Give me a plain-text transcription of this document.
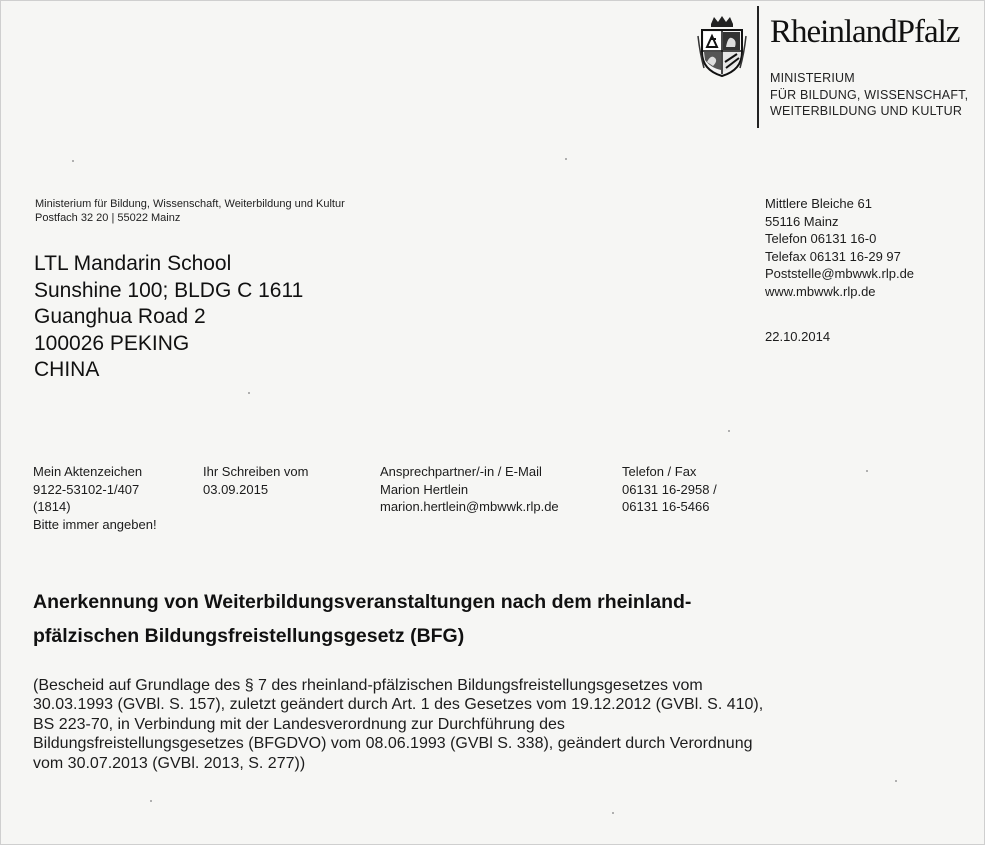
RheinlandPfalz
MINISTERIUM
FÜR BILDUNG, WISSENSCHAFT,
WEITERBILDUNG UND KULTUR
Ministerium für Bildung, Wissenschaft, Weiterbildung und Kultur
Postfach 32 20 | 55022 Mainz
LTL Mandarin School
Sunshine 100; BLDG C 1611
Guanghua Road 2
100026 PEKING
CHINA
Mittlere Bleiche 61
55116 Mainz
Telefon 06131 16-0
Telefax 06131 16-29 97
Poststelle@mbwwk.rlp.de
www.mbwwk.rlp.de
22.10.2014
Mein Aktenzeichen
9122-53102-1/407
(1814)
Bitte immer angeben!
Ihr Schreiben vom
03.09.2015
Ansprechpartner/-in / E-Mail
Marion Hertlein
marion.hertlein@mbwwk.rlp.de
Telefon / Fax
06131 16-2958 /
06131 16-5466
Anerkennung von Weiterbildungsveranstaltungen nach dem rheinland-
pfälzischen Bildungsfreistellungsgesetz (BFG)
(Bescheid auf Grundlage des § 7 des rheinland-pfälzischen Bildungsfreistellungsgesetzes vom
30.03.1993 (GVBl. S. 157), zuletzt geändert durch Art. 1 des Gesetzes vom 19.12.2012 (GVBl. S. 410),
BS 223-70, in Verbindung mit der Landesverordnung zur Durchführung des
Bildungsfreistellungsgesetzes (BFGDVO) vom 08.06.1993 (GVBl S. 338), geändert durch Verordnung
vom 30.07.2013 (GVBl. 2013, S. 277))
